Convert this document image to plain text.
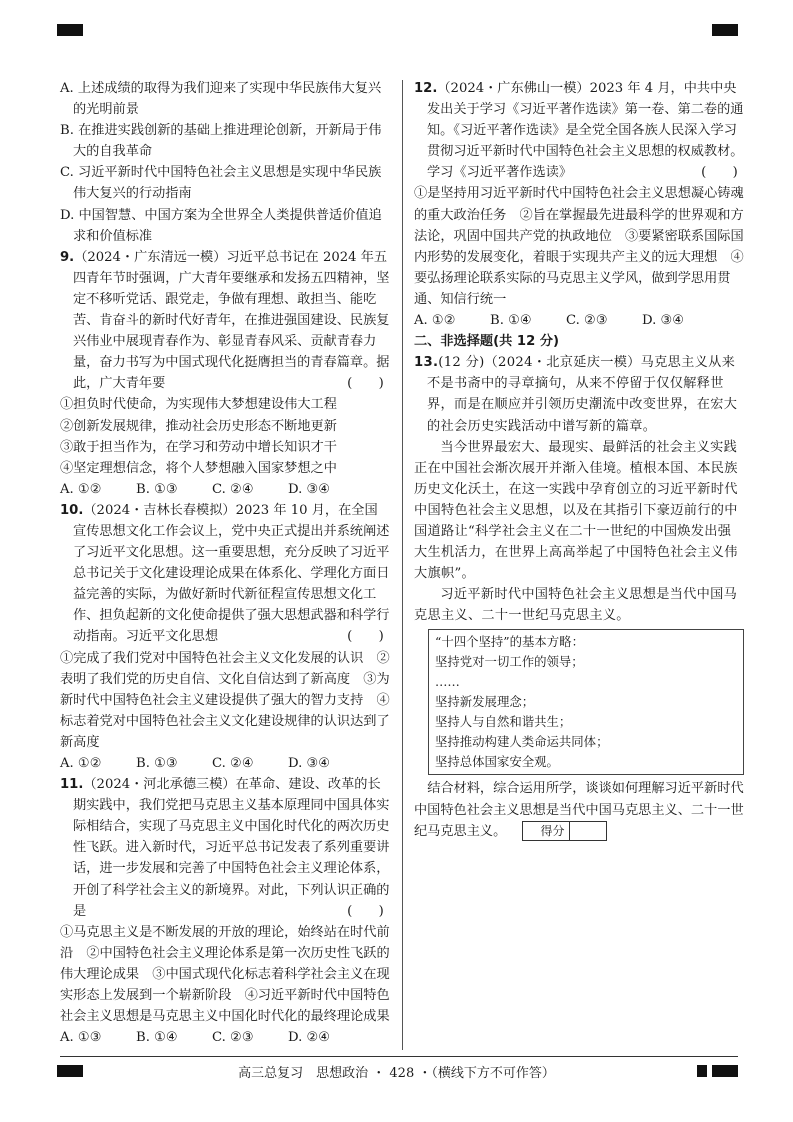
A. 上述成绩的取得为我们迎来了实现中华民族伟大复兴的光明前景

B. 在推进实践创新的基础上推进理论创新，开新局于伟大的自我革命

C. 习近平新时代中国特色社会主义思想是实现中华民族伟大复兴的行动指南

D. 中国智慧、中国方案为全世界全人类提供普适价值追求和价值标准

9.（2024・广东清远一模）习近平总书记在 2024 年五四青年节时强调，广大青年要继承和发扬五四精神，坚定不移听党话、跟党走，争做有理想、敢担当、能吃苦、肯奋斗的新时代好青年，在推进强国建设、民族复兴伟业中展现青春作为、彰显青春风采、贡献青春力量，奋力书写为中国式现代化挺膺担当的青春篇章。据此，广大青年要	(　　)

①担负时代使命，为实现伟大梦想建设伟大工程

②创新发展规律，推动社会历史形态不断地更新

③敢于担当作为，在学习和劳动中增长知识才干

④坚定理想信念，将个人梦想融入国家梦想之中

A. ①②	B. ①③	C. ②④	D. ③④

10.（2024・吉林长春模拟）2023 年 10 月，在全国宣传思想文化工作会议上，党中央正式提出并系统阐述了习近平文化思想。这一重要思想，充分反映了习近平总书记关于文化建设理论成果在体系化、学理化方面日益完善的实际，为做好新时代新征程宣传思想文化工作、担负起新的文化使命提供了强大思想武器和科学行动指南。习近平文化思想	(　　)

①完成了我们党对中国特色社会主义文化发展的认识　②表明了我们党的历史自信、文化自信达到了新高度　③为新时代中国特色社会主义建设提供了强大的智力支持　④标志着党对中国特色社会主义文化建设规律的认识达到了新高度

A. ①②	B. ①③	C. ②④	D. ③④

11.（2024・河北承德三模）在革命、建设、改革的长期实践中，我们党把马克思主义基本原理同中国具体实际相结合，实现了马克思主义中国化时代化的两次历史性飞跃。进入新时代，习近平总书记发表了系列重要讲话，进一步发展和完善了中国特色社会主义理论体系，开创了科学社会主义的新境界。对此，下列认识正确的是	(　　)

①马克思主义是不断发展的开放的理论，始终站在时代前沿　②中国特色社会主义理论体系是第一次历史性飞跃的伟大理论成果　③中国式现代化标志着科学社会主义在现实形态上发展到一个崭新阶段　④习近平新时代中国特色社会主义思想是马克思主义中国化时代化的最终理论成果

A. ①③	B. ①④	C. ②③	D. ②④

12.（2024・广东佛山一模）2023 年 4 月，中共中央发出关于学习《习近平著作选读》第一卷、第二卷的通知。《习近平著作选读》是全党全国各族人民深入学习贯彻习近平新时代中国特色社会主义思想的权威教材。学习《习近平著作选读》	(　　)

①是坚持用习近平新时代中国特色社会主义思想凝心铸魂的重大政治任务　②旨在掌握最先进最科学的世界观和方法论，巩固中国共产党的执政地位　③要紧密联系国际国内形势的发展变化，着眼于实现共产主义的远大理想　④要弘扬理论联系实际的马克思主义学风，做到学思用贯通、知信行统一

A. ①②	B. ①④	C. ②③	D. ③④

二、非选择题(共 12 分)

13.(12 分)（2024・北京延庆一模）马克思主义从来不是书斋中的寻章摘句，从来不停留于仅仅解释世界，而是在顺应并引领历史潮流中改变世界，在宏大的社会历史实践活动中谱写新的篇章。

当今世界最宏大、最现实、最鲜活的社会主义实践正在中国社会渐次展开并渐入佳境。植根本国、本民族历史文化沃土，在这一实践中孕育创立的习近平新时代中国特色社会主义思想，以及在其指引下豪迈前行的中国道路让“科学社会主义在二十一世纪的中国焕发出强大生机活力，在世界上高高举起了中国特色社会主义伟大旗帜”。

习近平新时代中国特色社会主义思想是当代中国马克思主义、二十一世纪马克思主义。

“十四个坚持”的基本方略：

坚持党对一切工作的领导；

……

坚持新发展理念；

坚持人与自然和谐共生；

坚持推动构建人类命运共同体；

坚持总体国家安全观。

结合材料，综合运用所学，谈谈如何理解习近平新时代中国特色社会主义思想是当代中国马克思主义、二十一世纪马克思主义。	得分

高三总复习　思想政治 ・ 428 ・（横线下方不可作答）
